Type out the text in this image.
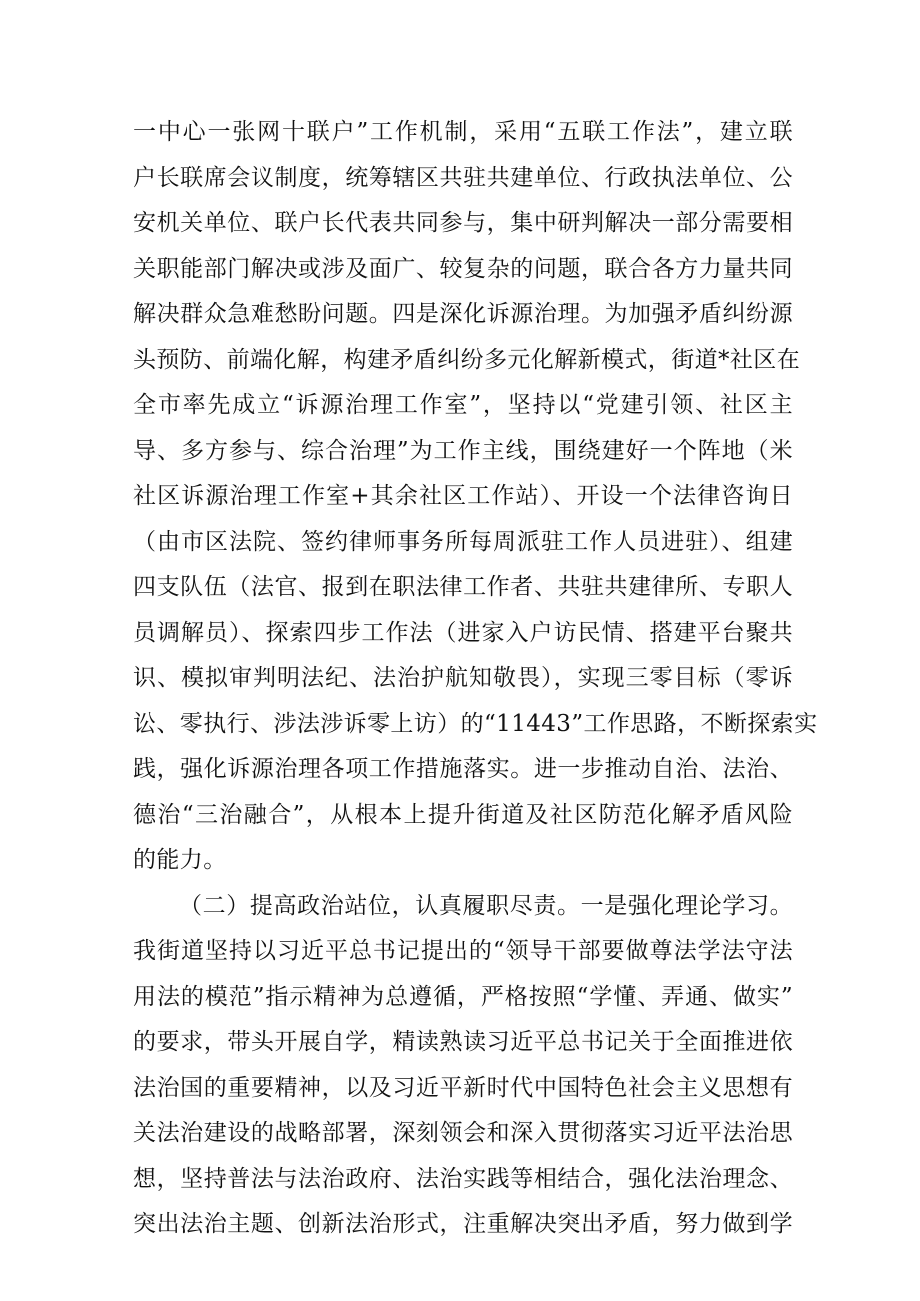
一中心一张网十联户”工作机制，采用“五联工作法”，建立联
户长联席会议制度，统筹辖区共驻共建单位、行政执法单位、公
安机关单位、联户长代表共同参与，集中研判解决一部分需要相
关职能部门解决或涉及面广、较复杂的问题，联合各方力量共同
解决群众急难愁盼问题。四是深化诉源治理。为加强矛盾纠纷源
头预防、前端化解，构建矛盾纠纷多元化解新模式，街道*社区在
全市率先成立“诉源治理工作室”，坚持以“党建引领、社区主
导、多方参与、综合治理”为工作主线，围绕建好一个阵地（米
社区诉源治理工作室+其余社区工作站）、开设一个法律咨询日
（由市区法院、签约律师事务所每周派驻工作人员进驻）、组建
四支队伍（法官、报到在职法律工作者、共驻共建律所、专职人
员调解员）、探索四步工作法（进家入户访民情、搭建平台聚共
识、模拟审判明法纪、法治护航知敬畏），实现三零目标（零诉
讼、零执行、涉法涉诉零上访）的“11443”工作思路，不断探索实
践，强化诉源治理各项工作措施落实。进一步推动自治、法治、
德治“三治融合”，从根本上提升街道及社区防范化解矛盾风险
的能力。
（二）提高政治站位，认真履职尽责。一是强化理论学习。
我街道坚持以习近平总书记提出的“领导干部要做尊法学法守法
用法的模范”指示精神为总遵循，严格按照“学懂、弄通、做实”
的要求，带头开展自学，精读熟读习近平总书记关于全面推进依
法治国的重要精神，以及习近平新时代中国特色社会主义思想有
关法治建设的战略部署，深刻领会和深入贯彻落实习近平法治思
想，坚持普法与法治政府、法治实践等相结合，强化法治理念、
突出法治主题、创新法治形式，注重解决突出矛盾，努力做到学
